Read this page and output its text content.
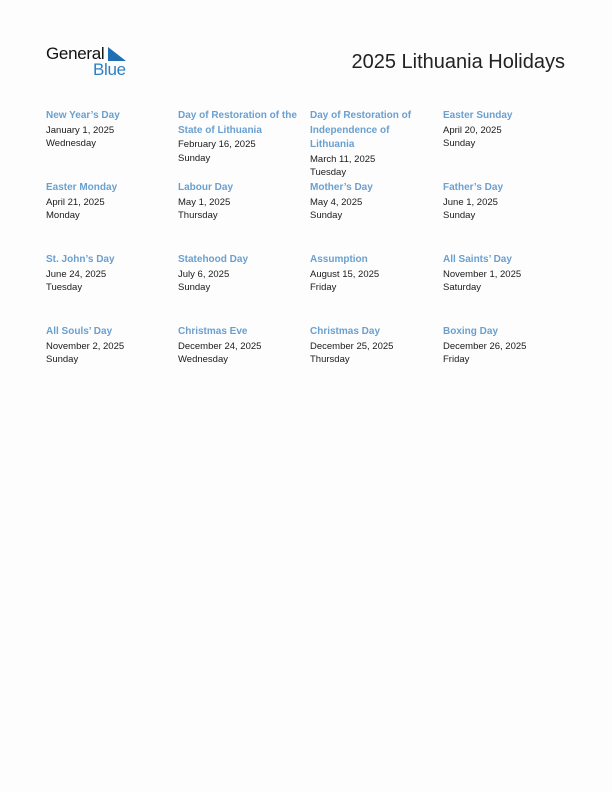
General
Blue	2025 Lithuania Holidays
New Year’s Day
January 1, 2025
Wednesday
Day of Restoration of the State of Lithuania
February 16, 2025
Sunday
Day of Restoration of Independence of Lithuania
March 11, 2025
Tuesday
Easter Sunday
April 20, 2025
Sunday
Easter Monday
April 21, 2025
Monday
Labour Day
May 1, 2025
Thursday
Mother’s Day
May 4, 2025
Sunday
Father’s Day
June 1, 2025
Sunday
St. John’s Day
June 24, 2025
Tuesday
Statehood Day
July 6, 2025
Sunday
Assumption
August 15, 2025
Friday
All Saints’ Day
November 1, 2025
Saturday
All Souls’ Day
November 2, 2025
Sunday
Christmas Eve
December 24, 2025
Wednesday
Christmas Day
December 25, 2025
Thursday
Boxing Day
December 26, 2025
Friday
